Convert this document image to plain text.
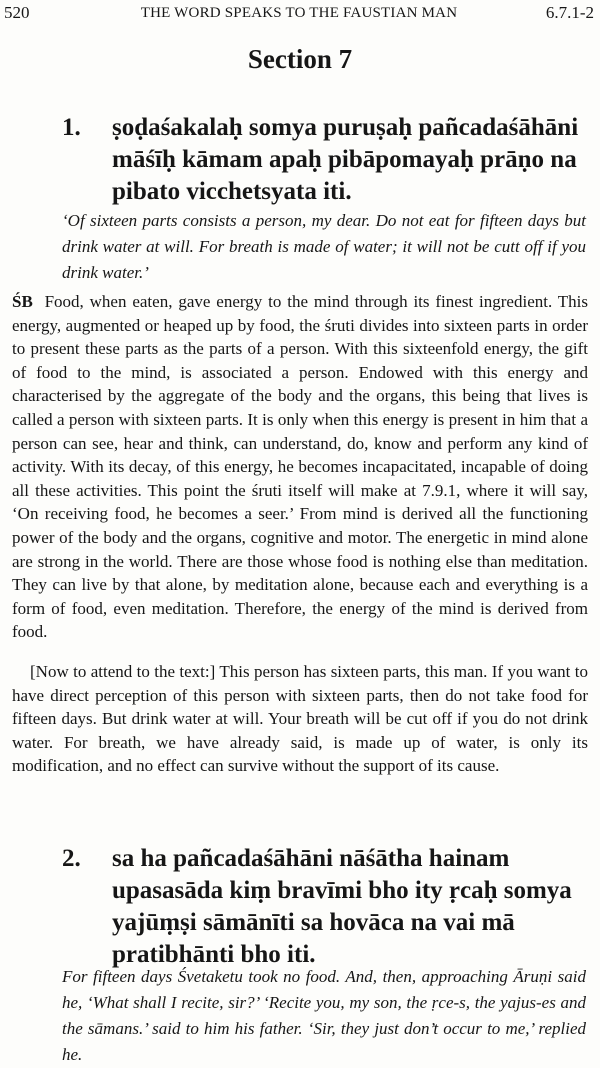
520	THE WORD SPEAKS TO THE FAUSTIAN MAN	6.7.1-2
Section 7
1. ṣoḍaśakalaḥ somya puruṣaḥ pañcadaśāhāni māśīḥ kāmam apaḥ pibāpomayaḥ prāṇo na pibato vicchetsyata iti.
‘Of sixteen parts consists a person, my dear. Do not eat for fifteen days but drink water at will. For breath is made of water; it will not be cutt off if you drink water.’
ŚB Food, when eaten, gave energy to the mind through its finest ingredient. This energy, augmented or heaped up by food, the śruti divides into sixteen parts in order to present these parts as the parts of a person. With this sixteenfold energy, the gift of food to the mind, is associated a person. Endowed with this energy and characterised by the aggregate of the body and the organs, this being that lives is called a person with sixteen parts. It is only when this energy is present in him that a person can see, hear and think, can understand, do, know and perform any kind of activity. With its decay, of this energy, he becomes incapacitated, incapable of doing all these activities. This point the śruti itself will make at 7.9.1, where it will say, ‘On receiving food, he becomes a seer.’ From mind is derived all the functioning power of the body and the organs, cognitive and motor. The energetic in mind alone are strong in the world. There are those whose food is nothing else than meditation. They can live by that alone, by meditation alone, because each and everything is a form of food, even meditation. Therefore, the energy of the mind is derived from food.
[Now to attend to the text:] This person has sixteen parts, this man. If you want to have direct perception of this person with sixteen parts, then do not take food for fifteen days. But drink water at will. Your breath will be cut off if you do not drink water. For breath, we have already said, is made up of water, is only its modification, and no effect can survive without the support of its cause.
2. sa ha pañcadaśāhāni nāśātha hainam upasasāda kiṃ bravīmi bho ity ṛcaḥ somya yajūṃṣi sāmānīti sa hovāca na vai mā pratibhānti bho iti.
For fifteen days Śvetaketu took no food. And, then, approaching Āruṇi said he, ‘What shall I recite, sir?’ ‘Recite you, my son, the ṛce-s, the yajus-es and the sāmans.’ said to him his father. ‘Sir, they just don’t occur to me,’ replied he.
